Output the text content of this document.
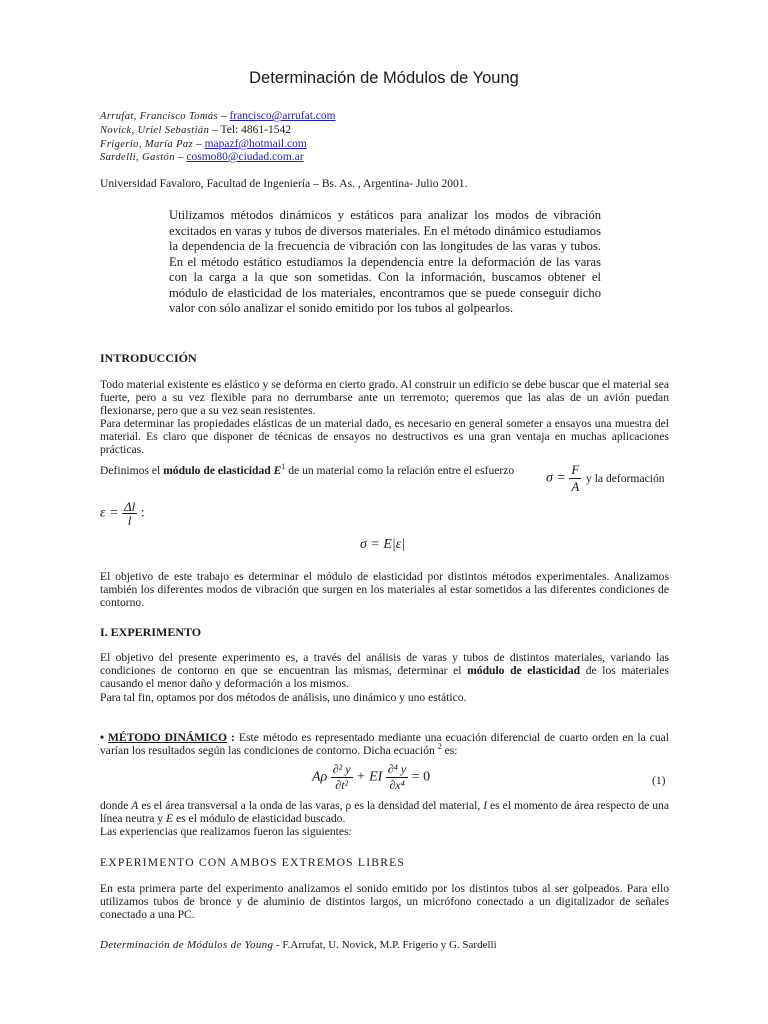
Determinación de Módulos de Young
Arrufat, Francisco Tomás – francisco@arrufat.com
Novick, Uriel Sebastián – Tel: 4861-1542
Frigerio, María Paz – mapazf@hotmail.com
Sardelli, Gastón – cosmo80@ciudad.com.ar
Universidad Favaloro, Facultad de Ingeniería – Bs. As. , Argentina- Julio 2001.
Utilizamos métodos dinámicos y estáticos para analizar los modos de vibración excitados en varas y tubos de diversos materiales. En el método dinámico estudiamos la dependencia de la frecuencia de vibración con las longitudes de las varas y tubos. En el método estático estudiamos la dependencia entre la deformación de las varas con la carga a la que son sometidas. Con la información, buscamos obtener el módulo de elasticidad de los materiales, encontramos que se puede conseguir dicho valor con sólo analizar el sonido emitido por los tubos al golpearlos.
INTRODUCCIÓN
Todo material existente es elástico y se deforma en cierto grado. Al construir un edificio se debe buscar que el material sea fuerte, pero a su vez flexible para no derrumbarse ante un terremoto; queremos que las alas de un avión puedan flexionarse, pero que a su vez sean resistentes.
Para determinar las propiedades elásticas de un material dado, es necesario en general someter a ensayos una muestra del material. Es claro que disponer de técnicas de ensayos no destructivos es una gran ventaja en muchas aplicaciones prácticas.
Definimos el módulo de elasticidad E$^1$ de un material como la relación entre el esfuerzo
$\sigma = \frac{F}{A}$ y la deformación
$\varepsilon = \frac{\Delta l}{l}$ :
σ = E|ε|
El objetivo de este trabajo es determinar el módulo de elasticidad por distintos métodos experimentales. Analizamos también los diferentes modos de vibración que surgen en los materiales al estar sometidos a las diferentes condiciones de contorno.
I. EXPERIMENTO
El objetivo del presente experimento es, a través del análisis de varas y tubos de distintos materiales, variando las condiciones de contorno en que se encuentran las mismas, determinar el módulo de elasticidad de los materiales causando el menor daño y deformación a los mismos.
Para tal fin, optamos por dos métodos de análisis, uno dinámico y uno estático.
• MÉTODO DINÁMICO : Este método es representado mediante una ecuación diferencial de cuarto orden en la cual varían los resultados según las condiciones de contorno. Dicha ecuación $^2$ es:
Aρ $\frac{\text{∂² y}}{\text{∂t²}}$ + EI $\frac{\text{∂⁴ y}}{\text{∂x⁴}} = 0$	(1)
donde A es el área transversal a la onda de las varas, ρ es la densidad del material, I es el momento de área respecto de una línea neutra y E es el módulo de elasticidad buscado.
Las experiencias que realizamos fueron las siguientes:
EXPERIMENTO CON AMBOS EXTREMOS LIBRES
En esta primera parte del experimento analizamos el sonido emitido por los distintos tubos al ser golpeados. Para ello utilizamos tubos de bronce y de aluminio de distintos largos, un micrófono conectado a un digitalizador de señales conectado a una PC.
Determinación de Módulos de Young - F.Arrufat, U. Novick, M.P. Frigerio y G. Sardelli
